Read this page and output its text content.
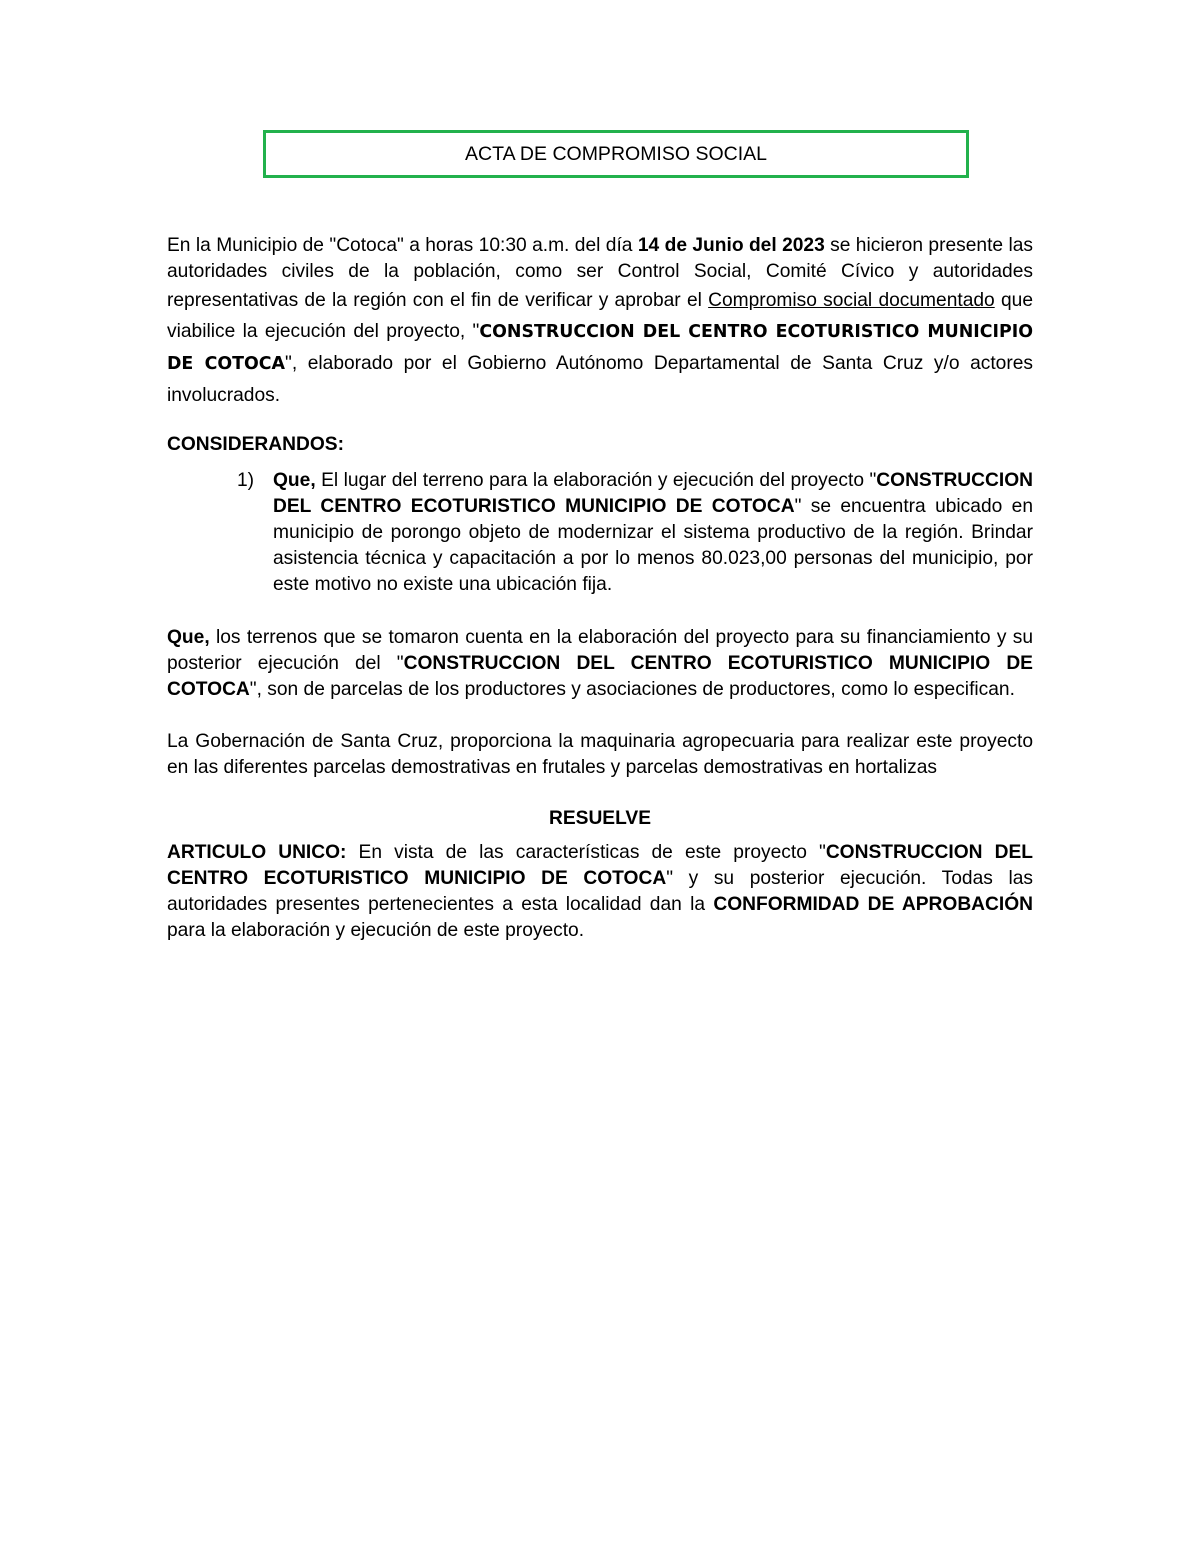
ACTA DE COMPROMISO SOCIAL

En la Municipio de "Cotoca" a horas 10:30 a.m. del día 14 de Junio del 2023 se hicieron presente las autoridades civiles de la población, como ser Control Social, Comité Cívico y autoridades representativas de la región con el fin de verificar y aprobar el Compromiso social documentado que viabilice la ejecución del proyecto, "CONSTRUCCION DEL CENTRO ECOTURISTICO MUNICIPIO DE COTOCA", elaborado por el Gobierno Autónomo Departamental de Santa Cruz y/o actores involucrados.

CONSIDERANDOS:

1) Que, El lugar del terreno para la elaboración y ejecución del proyecto "CONSTRUCCION DEL CENTRO ECOTURISTICO MUNICIPIO DE COTOCA" se encuentra ubicado en municipio de porongo objeto de modernizar el sistema productivo de la región. Brindar asistencia técnica y capacitación a por lo menos 80.023,00 personas del municipio, por este motivo no existe una ubicación fija.

Que, los terrenos que se tomaron cuenta en la elaboración del proyecto para su financiamiento y su posterior ejecución del "CONSTRUCCION DEL CENTRO ECOTURISTICO MUNICIPIO DE COTOCA", son de parcelas de los productores y asociaciones de productores, como lo especifican.

La Gobernación de Santa Cruz, proporciona la maquinaria agropecuaria para realizar este proyecto en las diferentes parcelas demostrativas en frutales y parcelas demostrativas en hortalizas

RESUELVE

ARTICULO UNICO: En vista de las características de este proyecto "CONSTRUCCION DEL CENTRO ECOTURISTICO MUNICIPIO DE COTOCA" y su posterior ejecución. Todas las autoridades presentes pertenecientes a esta localidad dan la CONFORMIDAD DE APROBACIÓN para la elaboración y ejecución de este proyecto.
